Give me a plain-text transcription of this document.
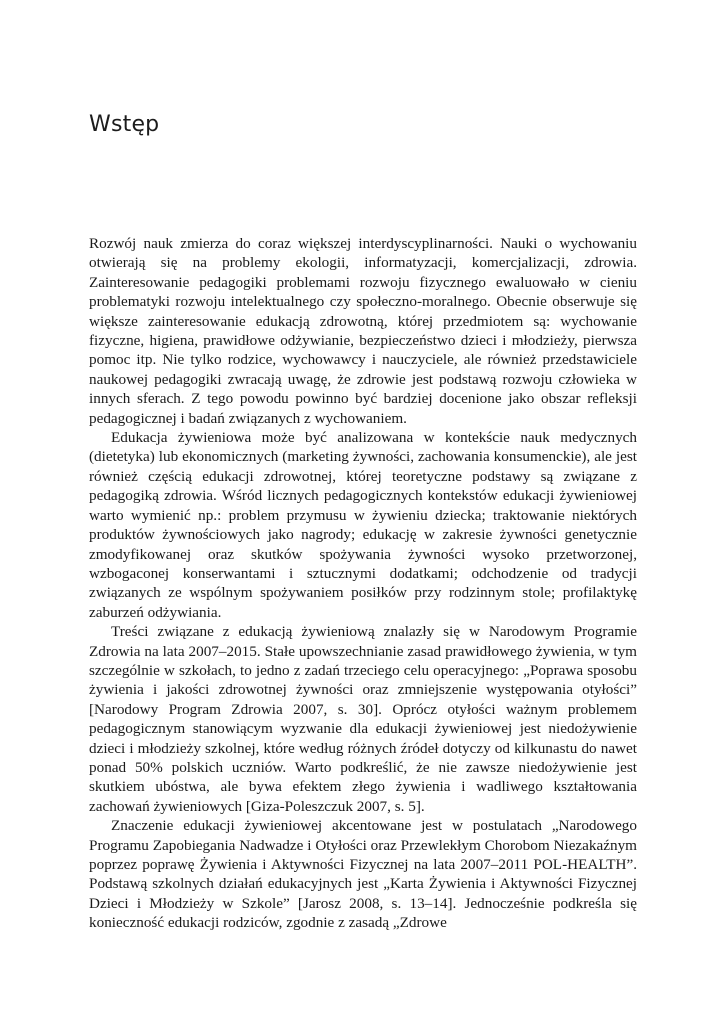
Wstęp

Rozwój nauk zmierza do coraz większej interdyscyplinarności. Nauki o wychowaniu otwierają się na problemy ekologii, informatyzacji, komercjalizacji, zdrowia. Zainteresowanie pedagogiki problemami rozwoju fizycznego ewaluowało w cieniu problematyki rozwoju intelektualnego czy społeczno-moralnego. Obecnie obserwuje się większe zainteresowanie edukacją zdrowotną, której przedmiotem są: wychowanie fizyczne, higiena, prawidłowe odżywianie, bezpieczeństwo dzieci i młodzieży, pierwsza pomoc itp. Nie tylko rodzice, wychowawcy i nauczyciele, ale również przedstawiciele naukowej pedagogiki zwracają uwagę, że zdrowie jest podstawą rozwoju człowieka w innych sferach. Z tego powodu powinno być bardziej docenione jako obszar refleksji pedagogicznej i badań związanych z wychowaniem.

Edukacja żywieniowa może być analizowana w kontekście nauk medycznych (dietetyka) lub ekonomicznych (marketing żywności, zachowania konsumenckie), ale jest również częścią edukacji zdrowotnej, której teoretyczne podstawy są związane z pedagogiką zdrowia. Wśród licznych pedagogicznych kontekstów edukacji żywieniowej warto wymienić np.: problem przymusu w żywieniu dziecka; traktowanie niektórych produktów żywnościowych jako nagrody; edukację w zakresie żywności genetycznie zmodyfikowanej oraz skutków spożywania żywności wysoko przetworzonej, wzbogaconej konserwantami i sztucznymi dodatkami; odchodzenie od tradycji związanych ze wspólnym spożywaniem posiłków przy rodzinnym stole; profilaktykę zaburzeń odżywiania.

Treści związane z edukacją żywieniową znalazły się w Narodowym Programie Zdrowia na lata 2007–2015. Stałe upowszechnianie zasad prawidłowego żywienia, w tym szczególnie w szkołach, to jedno z zadań trzeciego celu operacyjnego: „Poprawa sposobu żywienia i jakości zdrowotnej żywności oraz zmniejszenie występowania otyłości” [Narodowy Program Zdrowia 2007, s. 30]. Oprócz otyłości ważnym problemem pedagogicznym stanowiącym wyzwanie dla edukacji żywieniowej jest niedożywienie dzieci i młodzieży szkolnej, które według różnych źródeł dotyczy od kilkunastu do nawet ponad 50% polskich uczniów. Warto podkreślić, że nie zawsze niedożywienie jest skutkiem ubóstwa, ale bywa efektem złego żywienia i wadliwego kształtowania zachowań żywieniowych [Giza-Poleszczuk 2007, s. 5].

Znaczenie edukacji żywieniowej akcentowane jest w postulatach „Narodowego Programu Zapobiegania Nadwadze i Otyłości oraz Przewlekłym Chorobom Niezakaźnym poprzez poprawę Żywienia i Aktywności Fizycznej na lata 2007–2011 POL-HEALTH”. Podstawą szkolnych działań edukacyjnych jest „Karta Żywienia i Aktywności Fizycznej Dzieci i Młodzieży w Szkole” [Jarosz 2008, s. 13–14]. Jednocześnie podkreśla się konieczność edukacji rodziców, zgodnie z zasadą „Zdrowe
